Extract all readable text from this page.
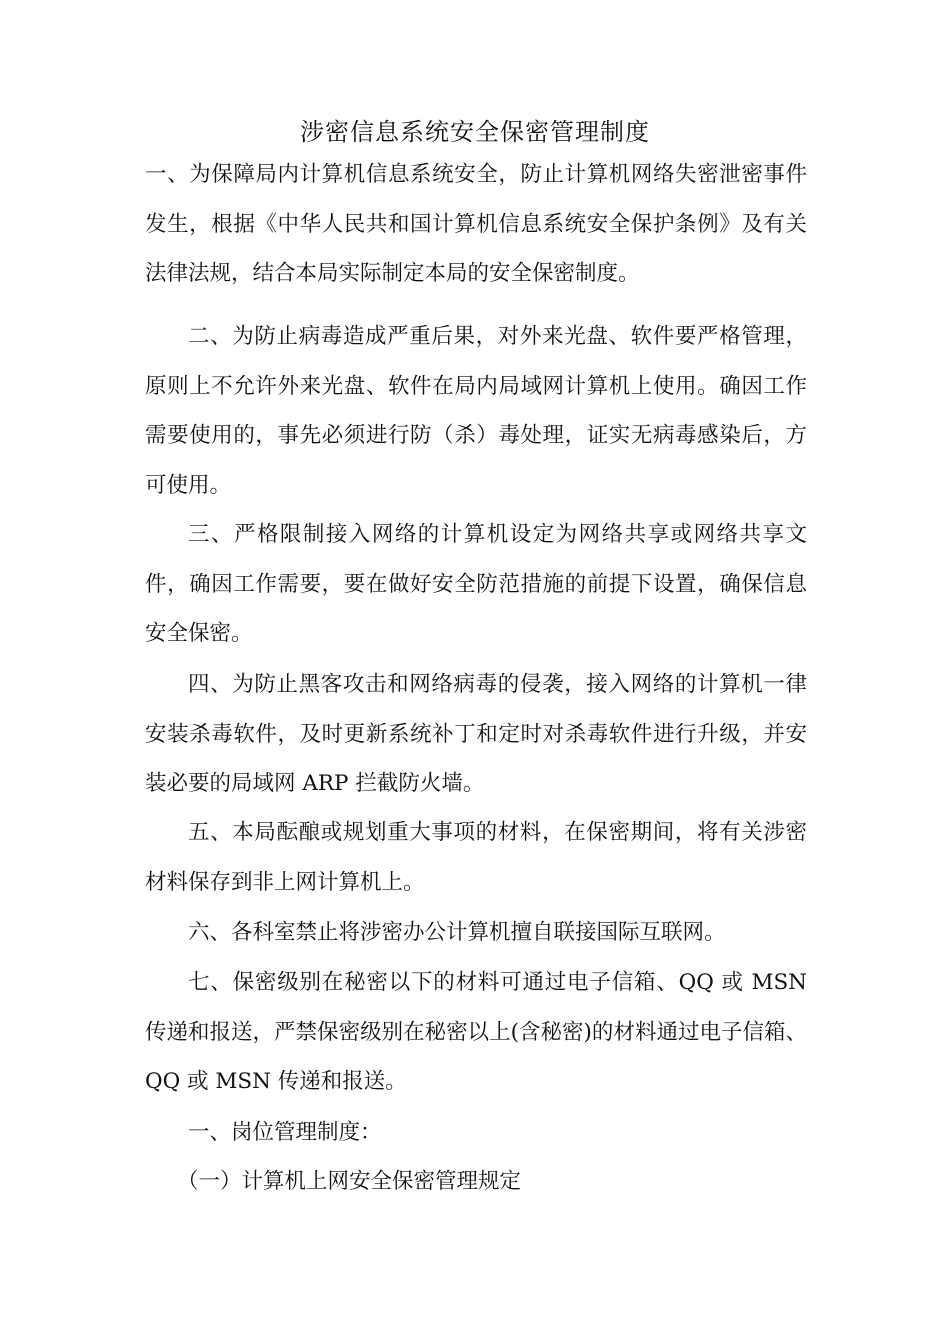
涉密信息系统安全保密管理制度

一、为保障局内计算机信息系统安全，防止计算机网络失密泄密事件发生，根据《中华人民共和国计算机信息系统安全保护条例》及有关法律法规，结合本局实际制定本局的安全保密制度。

二、为防止病毒造成严重后果，对外来光盘、软件要严格管理，原则上不允许外来光盘、软件在局内局域网计算机上使用。确因工作需要使用的，事先必须进行防（杀）毒处理，证实无病毒感染后，方可使用。

三、严格限制接入网络的计算机设定为网络共享或网络共享文件，确因工作需要，要在做好安全防范措施的前提下设置，确保信息安全保密。

四、为防止黑客攻击和网络病毒的侵袭，接入网络的计算机一律安装杀毒软件，及时更新系统补丁和定时对杀毒软件进行升级，并安装必要的局域网 ARP 拦截防火墙。

五、本局酝酿或规划重大事项的材料，在保密期间，将有关涉密材料保存到非上网计算机上。

六、各科室禁止将涉密办公计算机擅自联接国际互联网。

七、保密级别在秘密以下的材料可通过电子信箱、QQ 或 MSN 传递和报送，严禁保密级别在秘密以上(含秘密)的材料通过电子信箱、QQ 或 MSN 传递和报送。

一、岗位管理制度：

（一）计算机上网安全保密管理规定
